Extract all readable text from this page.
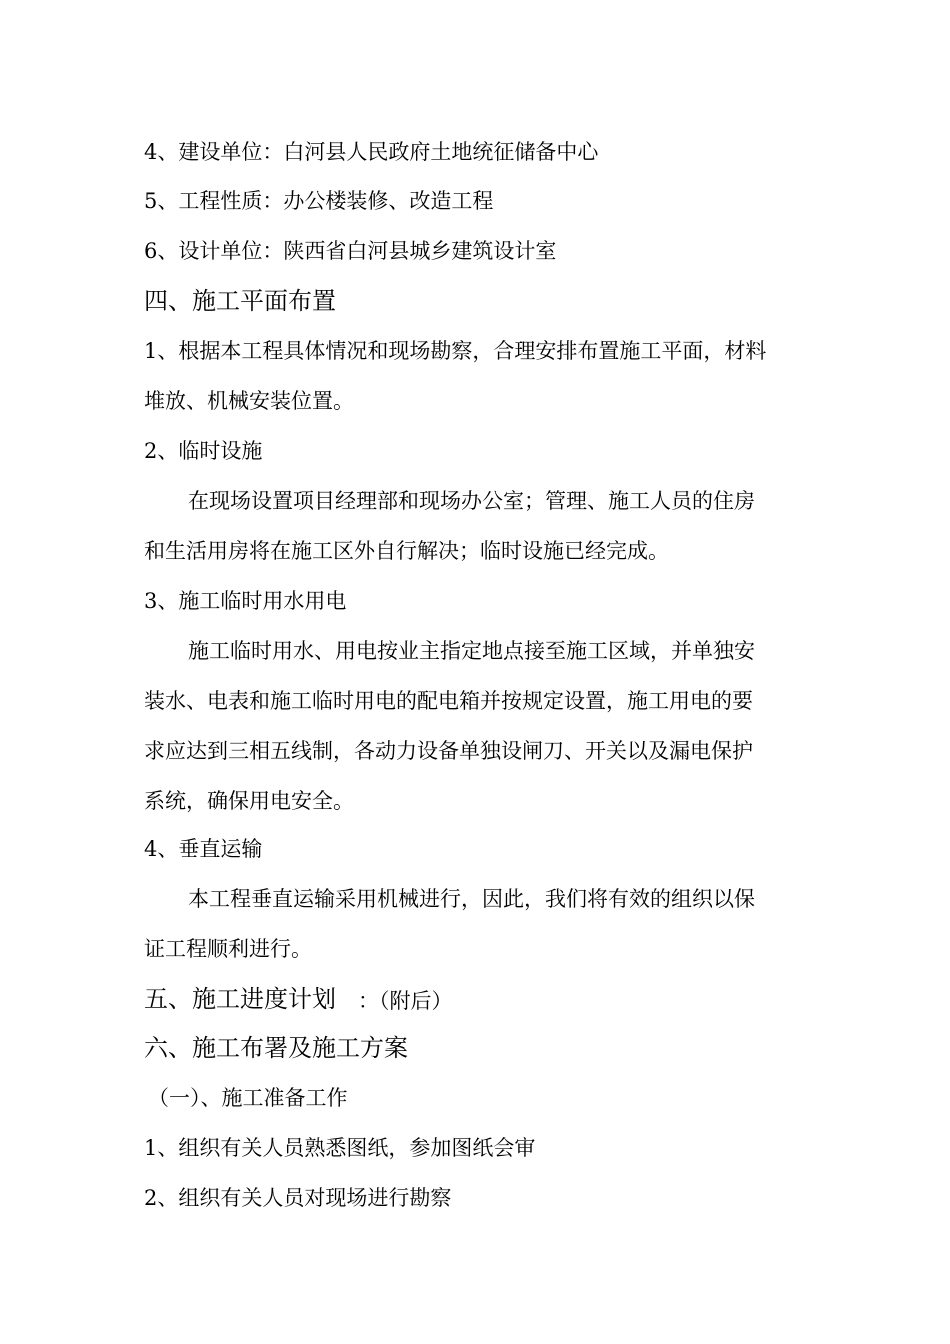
4、建设单位：白河县人民政府土地统征储备中心
5、工程性质：办公楼装修、改造工程
6、设计单位：陕西省白河县城乡建筑设计室
四、施工平面布置
1、根据本工程具体情况和现场勘察，合理安排布置施工平面，材料
堆放、机械安装位置。
2、临时设施
在现场设置项目经理部和现场办公室；管理、施工人员的住房
和生活用房将在施工区外自行解决；临时设施已经完成。
3、施工临时用水用电
施工临时用水、用电按业主指定地点接至施工区域，并单独安
装水、电表和施工临时用电的配电箱并按规定设置，施工用电的要
求应达到三相五线制，各动力设备单独设闸刀、开关以及漏电保护
系统，确保用电安全。
4、垂直运输
本工程垂直运输采用机械进行，因此，我们将有效的组织以保
证工程顺利进行。
五、施工进度计划 ：（附后）
六、施工布署及施工方案
（一）、施工准备工作
1、组织有关人员熟悉图纸，参加图纸会审
2、组织有关人员对现场进行勘察
